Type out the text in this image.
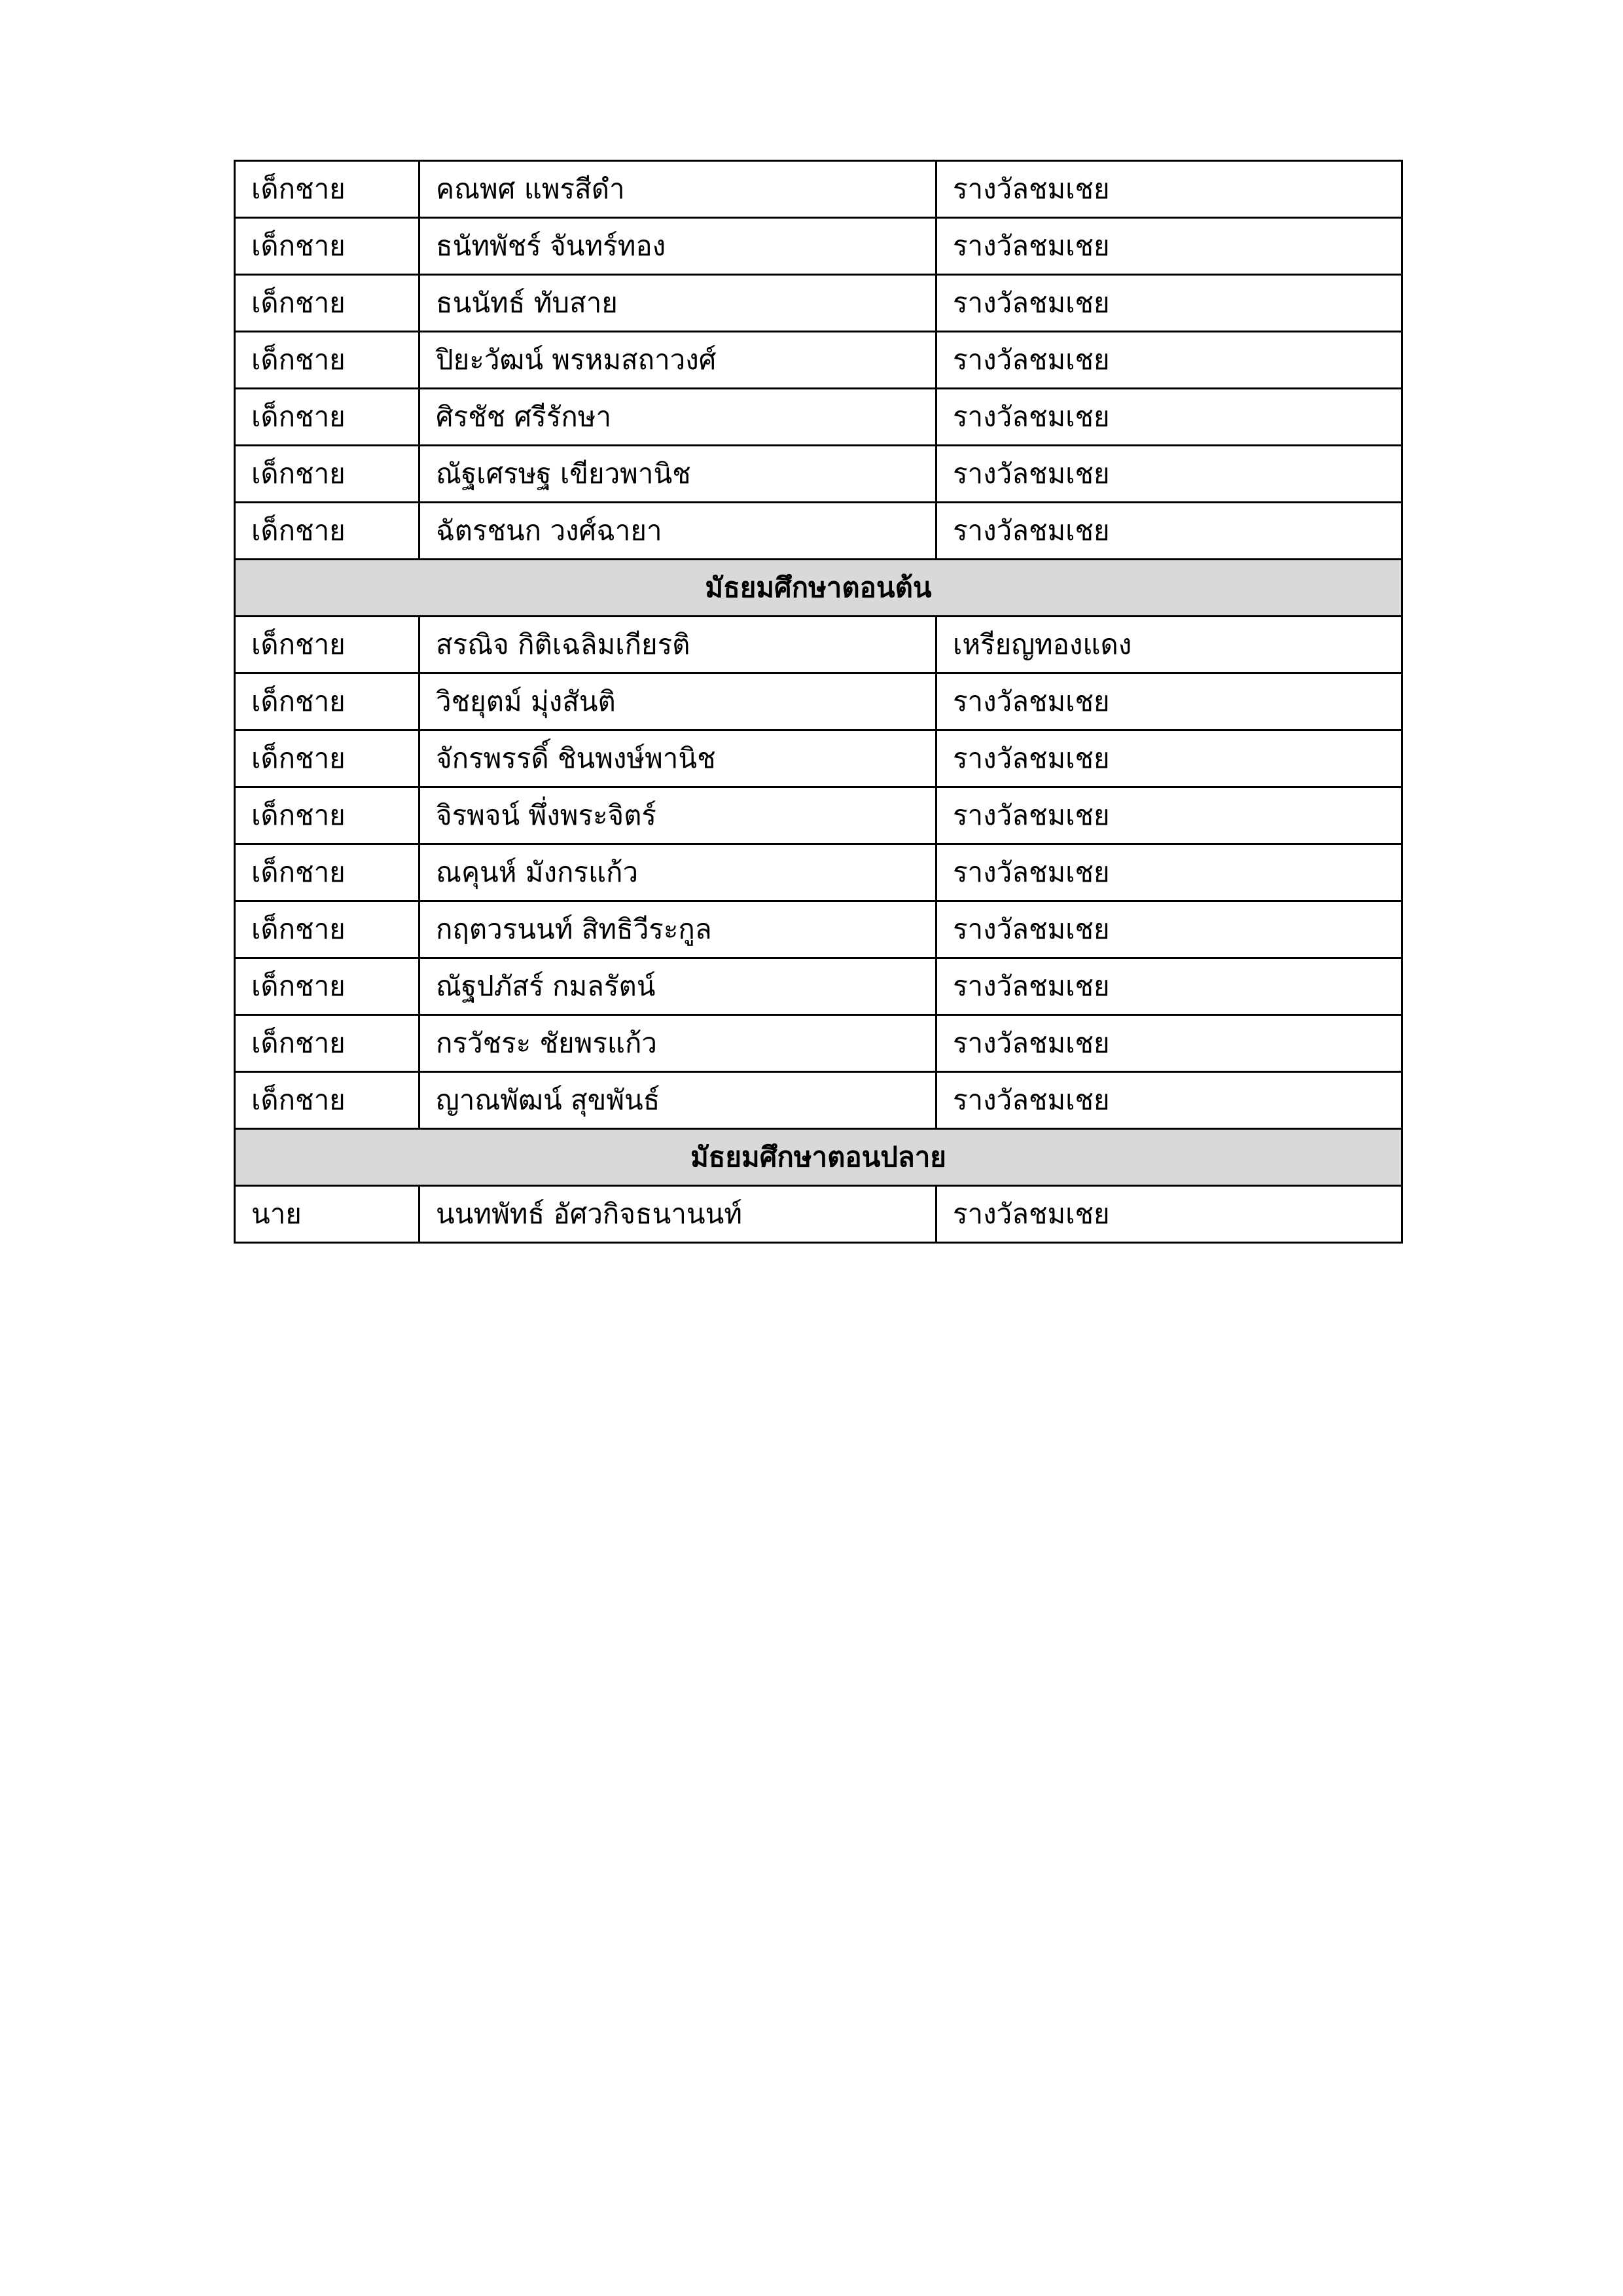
เด็กชาย	คณพศ แพรสีดำ	รางวัลชมเชย
เด็กชาย	ธนัทพัชร์ จันทร์ทอง	รางวัลชมเชย
เด็กชาย	ธนนัทธ์ ทับสาย	รางวัลชมเชย
เด็กชาย	ปิยะวัฒน์ พรหมสถาวงศ์	รางวัลชมเชย
เด็กชาย	ศิรชัช ศรีรักษา	รางวัลชมเชย
เด็กชาย	ณัฐเศรษฐ เขียวพานิช	รางวัลชมเชย
เด็กชาย	ฉัตรชนก วงศ์ฉายา	รางวัลชมเชย
มัธยมศึกษาตอนต้น		
เด็กชาย	สรณิจ กิติเฉลิมเกียรติ	เหรียญทองแดง
เด็กชาย	วิชยุตม์ มุ่งสันติ	รางวัลชมเชย
เด็กชาย	จักรพรรดิ์ ชินพงษ์พานิช	รางวัลชมเชย
เด็กชาย	จิรพจน์ พึ่งพระจิตร์	รางวัลชมเชย
เด็กชาย	ณคุนห์ มังกรแก้ว	รางวัลชมเชย
เด็กชาย	กฤตวรนนท์ สิทธิวีระกูล	รางวัลชมเชย
เด็กชาย	ณัฐปภัสร์ กมลรัตน์	รางวัลชมเชย
เด็กชาย	กรวัชระ ชัยพรแก้ว	รางวัลชมเชย
เด็กชาย	ญาณพัฒน์ สุขพันธ์	รางวัลชมเชย
มัธยมศึกษาตอนปลาย		
นาย	นนทพัทธ์ อัศวกิจธนานนท์	รางวัลชมเชย
